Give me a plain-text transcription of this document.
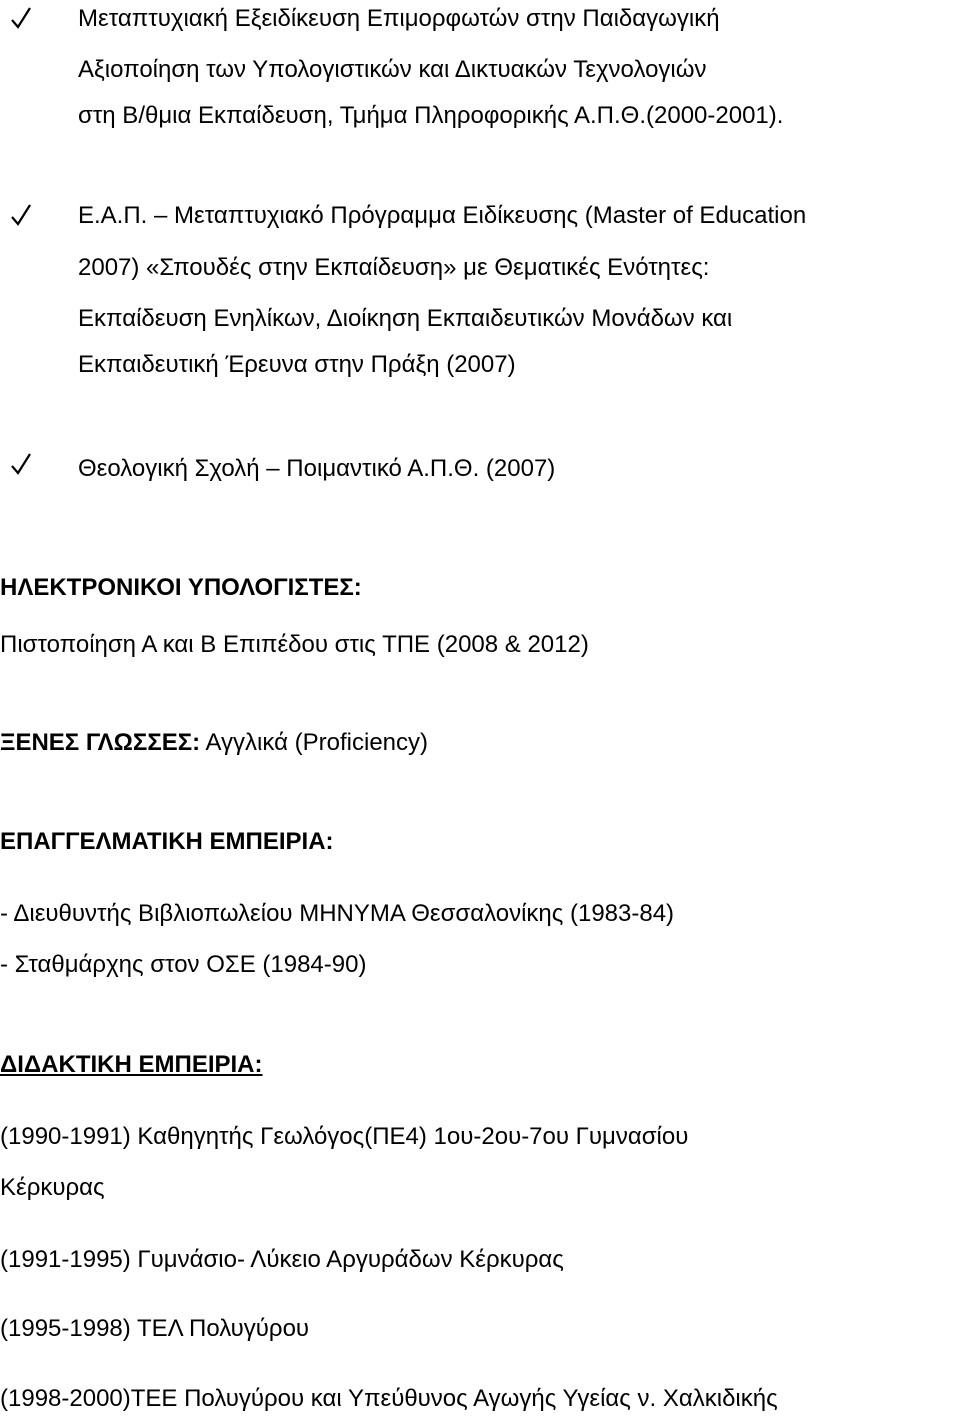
Μεταπτυχιακή Εξειδίκευση Επιμορφωτών στην Παιδαγωγική
Αξιοποίηση των Υπολογιστικών και Δικτυακών Τεχνολογιών
στη Β/θμια Εκπαίδευση, Τμήμα Πληροφορικής Α.Π.Θ.(2000-2001).
Ε.Α.Π. – Μεταπτυχιακό Πρόγραμμα Ειδίκευσης (Master of Education
2007) «Σπουδές στην Εκπαίδευση» με Θεματικές Ενότητες:
Εκπαίδευση Ενηλίκων, Διοίκηση Εκπαιδευτικών Μονάδων και
Εκπαιδευτική Έρευνα στην Πράξη (2007)
Θεολογική Σχολή – Ποιμαντικό Α.Π.Θ. (2007)
ΗΛΕΚΤΡΟΝΙΚΟΙ ΥΠΟΛΟΓΙΣΤΕΣ:
Πιστοποίηση Α και Β Επιπέδου στις ΤΠΕ (2008 & 2012)
ΞΕΝΕΣ ΓΛΩΣΣΕΣ: Αγγλικά (Proficiency)
ΕΠΑΓΓΕΛΜΑΤΙΚΗ ΕΜΠΕΙΡΙΑ:
- Διευθυντής Βιβλιοπωλείου ΜΗΝΥΜΑ Θεσσαλονίκης (1983-84)
- Σταθμάρχης στον ΟΣΕ (1984-90)
ΔΙΔΑΚΤΙΚΗ ΕΜΠΕΙΡΙΑ:
(1990-1991) Καθηγητής Γεωλόγος(ΠΕ4) 1ου-2ου-7ου Γυμνασίου
Κέρκυρας
(1991-1995) Γυμνάσιο- Λύκειο Αργυράδων Κέρκυρας
(1995-1998) ΤΕΛ Πολυγύρου
(1998-2000)ΤΕΕ Πολυγύρου και Υπεύθυνος Αγωγής Υγείας ν. Χαλκιδικής
